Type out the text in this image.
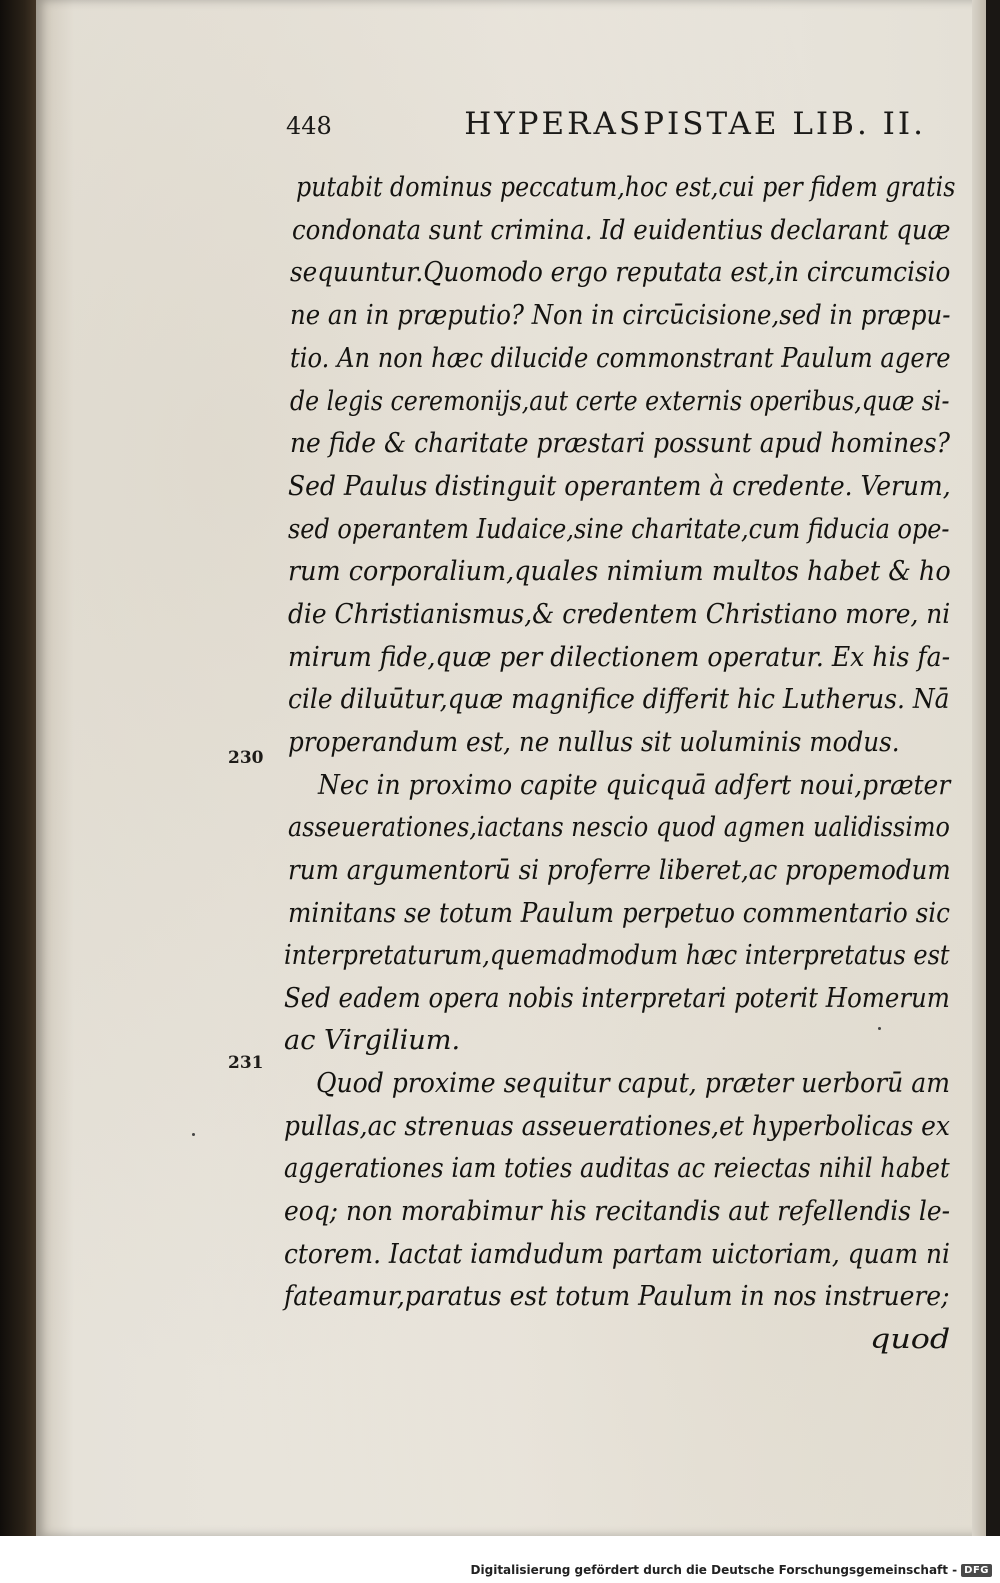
448	HYPERASPISTAE LIB. II.
putabit dominus peccatum,hoc est,cui per fidem gratis
condonata sunt crimina. Id euidentius declarant quæ
sequuntur.Quomodo ergo reputata est,in circumcisio
ne an in præputio? Non in circūcisione,sed in præpu-
tio. An non hæc dilucide commonstrant Paulum agere
de legis ceremonijs,aut certe externis operibus,quæ si-
ne fide & charitate præstari possunt apud homines?
Sed Paulus distinguit operantem à credente. Verum,
sed operantem Iudaice,sine charitate,cum fiducia ope-
rum corporalium,quales nimium multos habet & ho
die Christianismus,& credentem Christiano more, ni
mirum fide,quæ per dilectionem operatur. Ex his fa-
cile diluūtur,quæ magnifice differit hic Lutherus. Nā
properandum est, ne nullus sit uoluminis modus.
Nec in proximo capite quicquā adfert noui,præter
asseuerationes,iactans nescio quod agmen ualidissimo
rum argumentorū si proferre liberet,ac propemodum
minitans se totum Paulum perpetuo commentario sic
interpretaturum,quemadmodum hæc interpretatus est
Sed eadem opera nobis interpretari poterit Homerum
ac Virgilium.
Quod proxime sequitur caput, præter uerborū am
pullas,ac strenuas asseuerationes,et hyperbolicas ex
aggerationes iam toties auditas ac reiectas nihil habet
eoq; non morabimur his recitandis aut refellendis le-
ctorem. Iactat iamdudum partam uictoriam, quam ni
fateamur,paratus est totum Paulum in nos instruere;
quod
230
231
Digitalisierung gefördert durch die Deutsche Forschungsgemeinschaft - DFG
